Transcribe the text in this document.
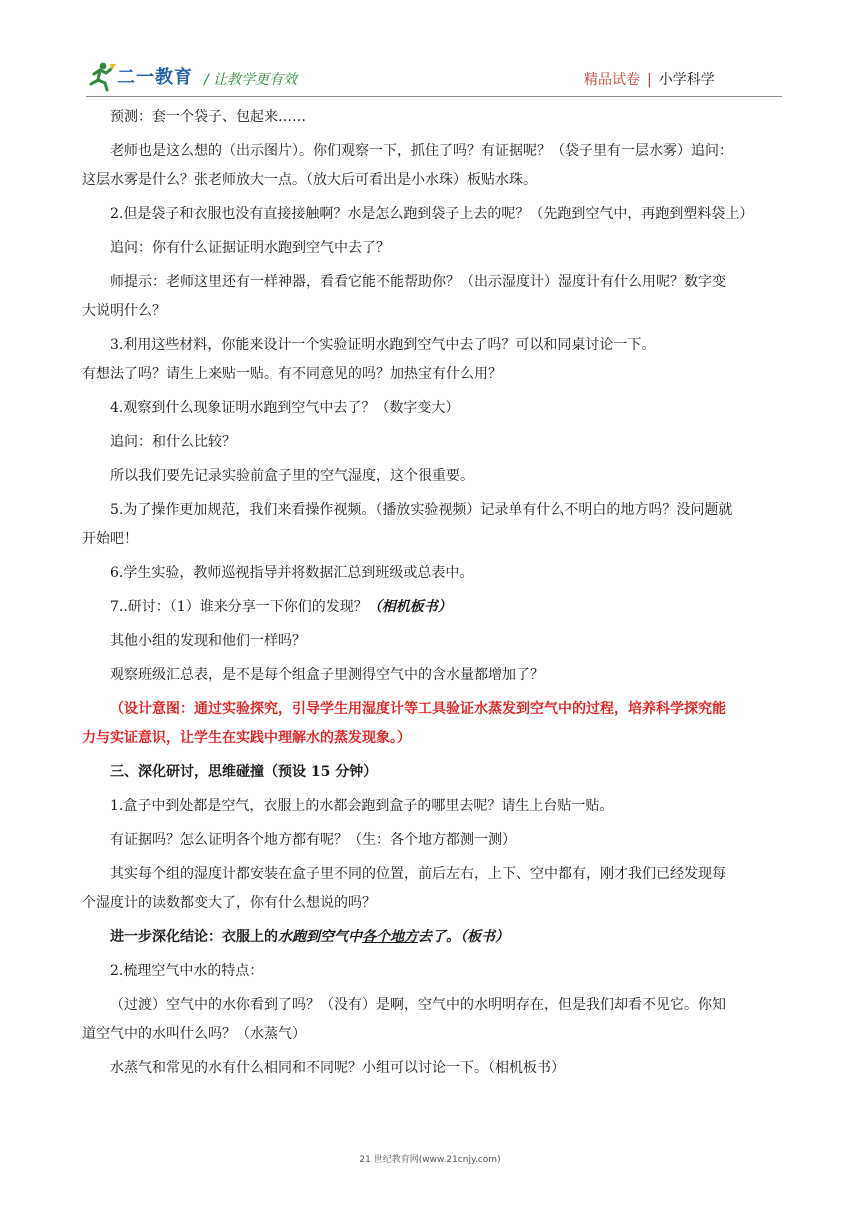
二一教育 / 让教学更有效	精品试卷 | 小学科学
预测：套一个袋子、包起来……
老师也是这么想的（出示图片）。你们观察一下，抓住了吗？有证据呢？（袋子里有一层水雾）追问：
这层水雾是什么？张老师放大一点。（放大后可看出是小水珠）板贴水珠。
2.但是袋子和衣服也没有直接接触啊？水是怎么跑到袋子上去的呢？（先跑到空气中，再跑到塑料袋上）
追问：你有什么证据证明水跑到空气中去了？
师提示：老师这里还有一样神器，看看它能不能帮助你？（出示湿度计）湿度计有什么用呢？数字变
大说明什么？
3.利用这些材料，你能来设计一个实验证明水跑到空气中去了吗？可以和同桌讨论一下。
有想法了吗？请生上来贴一贴。有不同意见的吗？加热宝有什么用？
4.观察到什么现象证明水跑到空气中去了？（数字变大）
追问：和什么比较？
所以我们要先记录实验前盒子里的空气湿度，这个很重要。
5.为了操作更加规范，我们来看操作视频。（播放实验视频）记录单有什么不明白的地方吗？没问题就
开始吧！
6.学生实验，教师巡视指导并将数据汇总到班级或总表中。
7..研讨：（1）谁来分享一下你们的发现？（相机板书）
其他小组的发现和他们一样吗？
观察班级汇总表，是不是每个组盒子里测得空气中的含水量都增加了？
（设计意图：通过实验探究，引导学生用湿度计等工具验证水蒸发到空气中的过程，培养科学探究能
力与实证意识，让学生在实践中理解水的蒸发现象。）
三、深化研讨，思维碰撞（预设 15 分钟）
1.盒子中到处都是空气，衣服上的水都会跑到盒子的哪里去呢？请生上台贴一贴。
有证据吗？怎么证明各个地方都有呢？（生：各个地方都测一测）
其实每个组的湿度计都安装在盒子里不同的位置，前后左右，上下、空中都有，刚才我们已经发现每
个湿度计的读数都变大了，你有什么想说的吗？
进一步深化结论：衣服上的水跑到空气中各个地方去了。（板书）
2.梳理空气中水的特点：
（过渡）空气中的水你看到了吗？（没有）是啊，空气中的水明明存在，但是我们却看不见它。你知
道空气中的水叫什么吗？（水蒸气）
水蒸气和常见的水有什么相同和不同呢？小组可以讨论一下。（相机板书）
21 世纪教育网(www.21cnjy.com)
